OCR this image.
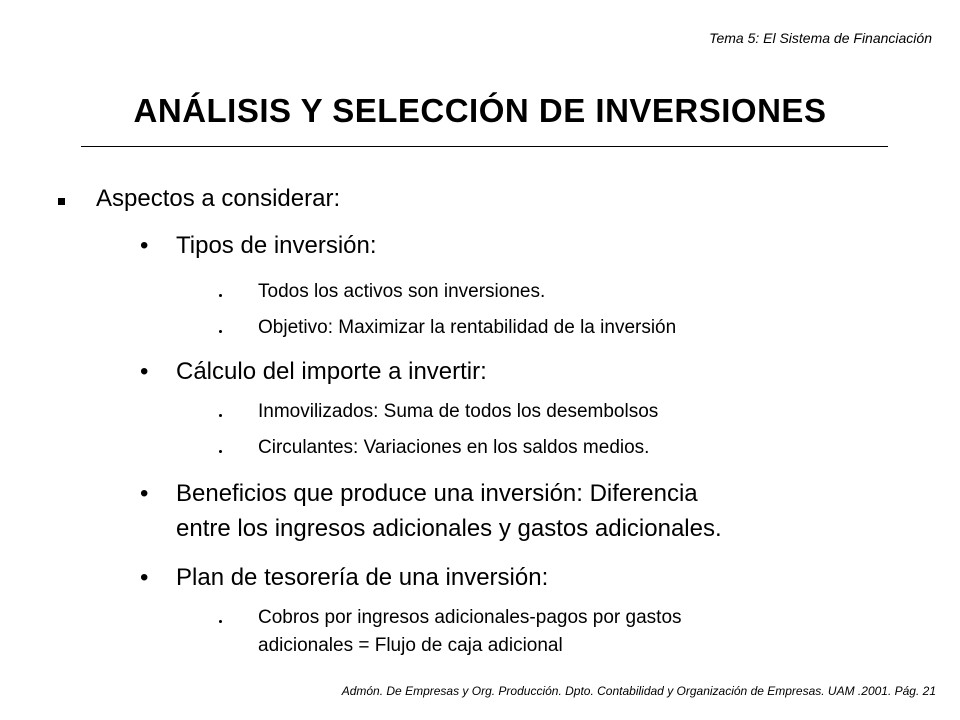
Tema 5: El Sistema de Financiación
ANÁLISIS Y SELECCIÓN DE INVERSIONES
Aspectos a considerar:
• Tipos de inversión:
Todos los activos son inversiones.
Objetivo: Maximizar la rentabilidad de la inversión
• Cálculo del importe a invertir:
Inmovilizados: Suma de todos los desembolsos
Circulantes: Variaciones en los saldos medios.
• Beneficios que produce una inversión: Diferencia
entre los ingresos adicionales y gastos adicionales.
• Plan de tesorería de una inversión:
Cobros por ingresos adicionales-pagos por gastos
adicionales = Flujo de caja adicional
Admón. De Empresas y Org. Producción. Dpto. Contabilidad y Organización de Empresas. UAM .2001. Pág. 21
